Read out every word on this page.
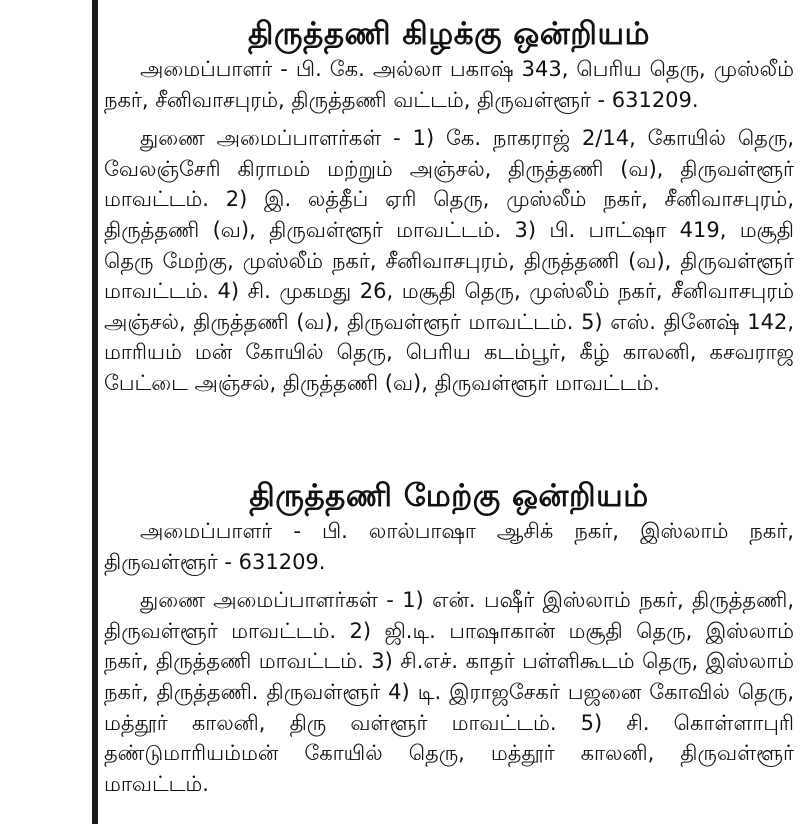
திருத்தணி கிழக்கு ஒன்றியம்

அமைப்பாளர் - பி. கே. அல்லா பகாஷ் 343, பெரிய தெரு, முஸ்லீம் நகர், சீனிவாசபுரம், திருத்தணி வட்டம், திருவள்ளூர் - 631209.

துணை அமைப்பாளர்கள் - 1) கே. நாகராஜ் 2/14, கோயில் தெரு, வேலஞ்சேரி கிராமம் மற்றும் அஞ்சல், திருத்தணி (வ), திருவள்ளூர் மாவட்டம். 2) இ. லத்தீப் ஏரி தெரு, முஸ்லீம் நகர், சீனிவாசபுரம், திருத்தணி (வ), திருவள்ளூர் மாவட்டம். 3) பி. பாட்ஷா 419, மசூதி தெரு மேற்கு, முஸ்லீம் நகர், சீனிவாசபுரம், திருத்தணி (வ), திருவள்ளூர் மாவட்டம். 4) சி. முகமது 26, மசூதி தெரு, முஸ்லீம் நகர், சீனிவாசபுரம் அஞ்சல், திருத்தணி (வ), திருவள்ளூர் மாவட்டம். 5) எஸ். தினேஷ் 142, மாரியம் மன் கோயில் தெரு, பெரிய கடம்பூர், கீழ் காலனி, கசவராஜ பேட்டை அஞ்சல், திருத்தணி (வ), திருவள்ளூர் மாவட்டம்.

திருத்தணி மேற்கு ஒன்றியம்

அமைப்பாளர் - பி. லால்பாஷா ஆசிக் நகர், இஸ்லாம் நகர், திருவள்ளூர் - 631209.

துணை அமைப்பாளர்கள் - 1) என். பஷீர் இஸ்லாம் நகர், திருத்தணி, திருவள்ளூர் மாவட்டம். 2) ஜி.டி. பாஷாகான் மசூதி தெரு, இஸ்லாம் நகர், திருத்தணி மாவட்டம். 3) சி.எச். காதர் பள்ளிகூடம் தெரு, இஸ்லாம் நகர், திருத்தணி. திருவள்ளூர் 4) டி. இராஜசேகர் பஜனை கோவில் தெரு, மத்தூர் காலனி, திரு வள்ளூர் மாவட்டம். 5) சி. கொள்ளாபுரி தண்டுமாரியம்மன் கோயில் தெரு, மத்தூர் காலனி, திருவள்ளூர் மாவட்டம்.
